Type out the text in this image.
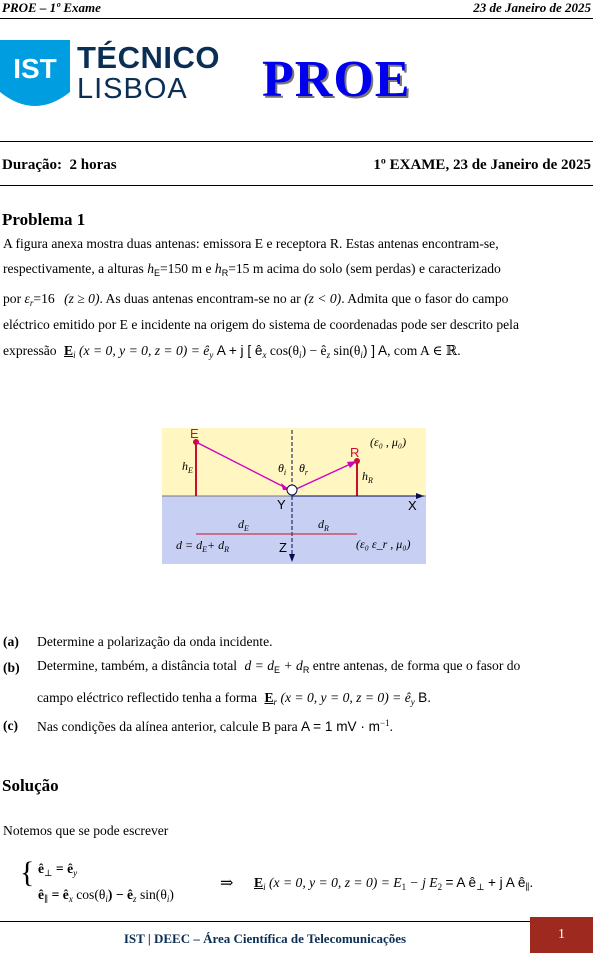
PROE – 1º Exame	23 de Janeiro de 2025
IST TÉCNICO
LISBOA PROE
Duração: 2 horas	1º EXAME, 23 de Janeiro de 2025
Problema 1
A figura anexa mostra duas antenas: emissora E e receptora R. Estas antenas encontram-se,
respectivamente, a alturas $h_E=150$ m e $h_R=15$ m acima do solo (sem perdas) e caracterizado
por $\varepsilon_r=16$ (z ≥ 0). As duas antenas encontram-se no ar (z < 0). Admita que o fasor do campo
eléctrico emitido por E e incidente na origem do sistema de coordenadas pode ser descrito pela
expressão $E_i$ (x = 0, y = 0, $z = 0) = ê_y$ A + j [ $ê_x$ $\cos(\theta_i)$ − $ê_z$ $\sin(\theta_i)$ ] A, com A ∈ ℝ.
E
R
$h_E$	$h_R$
$\theta_i$ $\theta_r$
Y	X
Z
$d_E$	$d_R$
$d = d_E+ d_R$
(ε₀ , μ₀)
(ε₀ ε_r , μ₀)
(a) Determine a polarização da onda incidente.
(b) Determine, também, a distância total $d = d_E + d_R$ entre antenas, de forma que o fasor do
campo eléctrico reflectido tenha a forma $E_r$ (x = 0, y = 0, $z = 0) = ê_y$ B.
(c) Nas condições da alínea anterior, calcule B para A = 1 mV · $m^{-1}$.
Solução
Notemos que se pode escrever
{ $ê_\perp$ = $ê_y$
$ê_\parallel$ = $ê_x$ $\cos(\theta_i)$ − $ê_z$ $\sin(\theta_i)$
⇒ $E_i$ (x = 0, y = 0, $z = 0) = E_1 - j$ $E_2 = A$ $ê_\perp + j$ A $ê_\parallel$.
IST | DEEC – Área Científica de Telecomunicações	1
